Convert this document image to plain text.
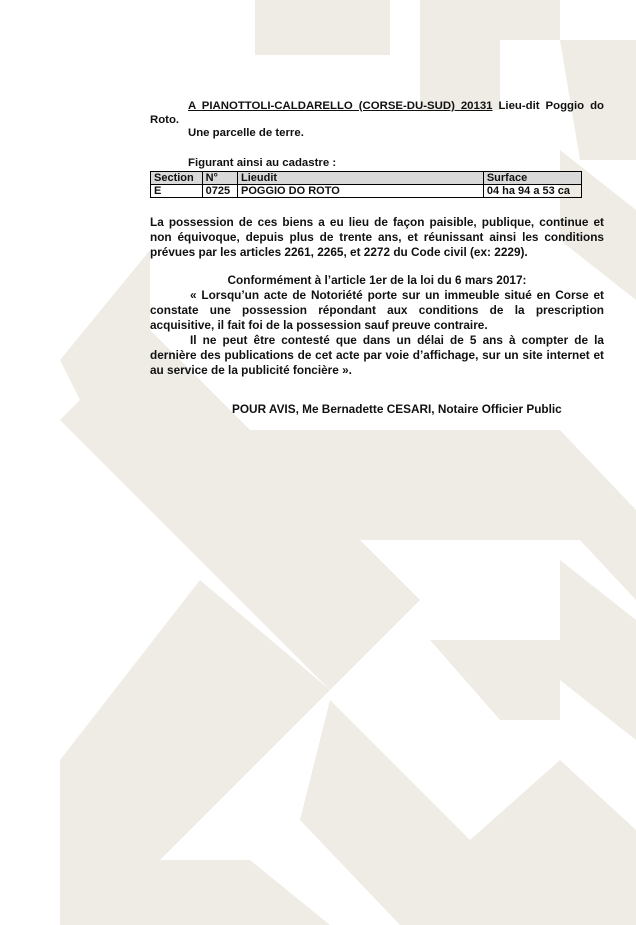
A PIANOTTOLI-CALDARELLO (CORSE-DU-SUD) 20131 Lieu-dit Poggio do

Roto.

Une parcelle de terre.

Figurant ainsi au cadastre :

Section	N°	Lieudit	Surface
E	0725	POGGIO DO ROTO	04 ha 94 a 53 ca

La possession de ces biens a eu lieu de façon paisible, publique, continue et non équivoque, depuis plus de trente ans, et réunissant ainsi les conditions prévues par les articles 2261, 2265, et 2272 du Code civil (ex: 2229).

Conformément à l’article 1er de la loi du 6 mars 2017:

« Lorsqu’un acte de Notoriété porte sur un immeuble situé en Corse et constate une possession répondant aux conditions de la prescription acquisitive, il fait foi de la possession sauf preuve contraire.

Il ne peut être contesté que dans un délai de 5 ans à compter de la dernière des publications de cet acte par voie d’affichage, sur un site internet et au service de la publicité foncière ».

POUR AVIS, Me Bernadette CESARI, Notaire Officier Public
